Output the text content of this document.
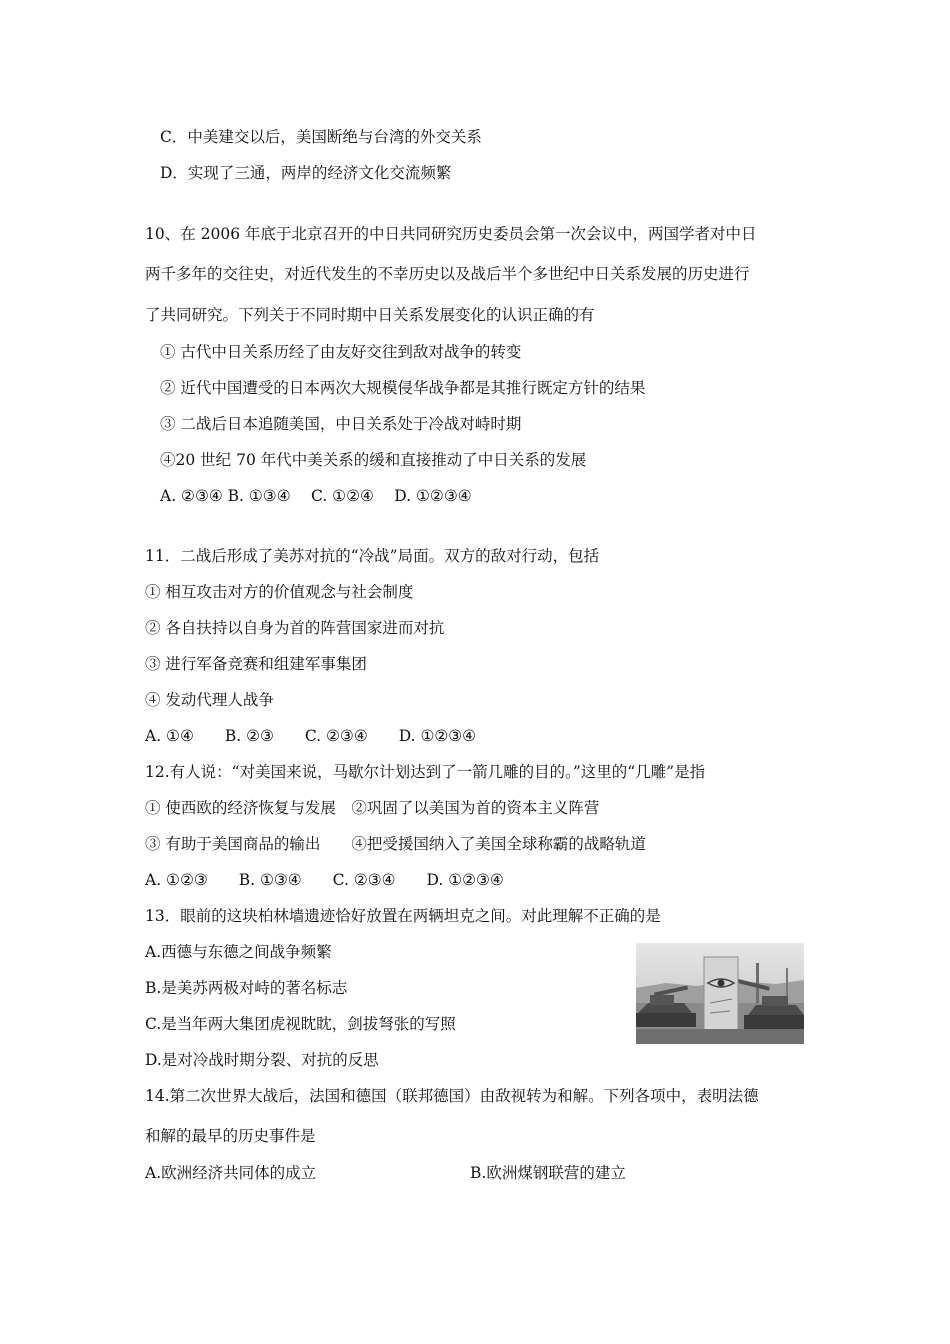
C．中美建交以后，美国断绝与台湾的外交关系
D．实现了三通，两岸的经济文化交流频繁
10、在 2006 年底于北京召开的中日共同研究历史委员会第一次会议中，两国学者对中日
两千多年的交往史，对近代发生的不幸历史以及战后半个多世纪中日关系发展的历史进行
了共同研究。下列关于不同时期中日关系发展变化的认识正确的有
① 古代中日关系历经了由友好交往到敌对战争的转变
② 近代中国遭受的日本两次大规模侵华战争都是其推行既定方针的结果
③ 二战后日本追随美国，中日关系处于冷战对峙时期
④20 世纪 70 年代中美关系的缓和直接推动了中日关系的发展
A. ②③④ B. ①③④　 C. ①②④　 D. ①②③④
11．二战后形成了美苏对抗的“冷战”局面。双方的敌对行动，包括
① 相互攻击对方的价值观念与社会制度
② 各自扶持以自身为首的阵营国家进而对抗
③ 进行军备竞赛和组建军事集团
④ 发动代理人战争
A. ①④　　B. ②③　　C. ②③④　　D. ①②③④
12.有人说：“对美国来说，马歇尔计划达到了一箭几雕的目的。”这里的“几雕”是指
① 使西欧的经济恢复与发展　②巩固了以美国为首的资本主义阵营
③ 有助于美国商品的输出　　④把受援国纳入了美国全球称霸的战略轨道
A. ①②③　　B. ①③④　　C. ②③④　　D. ①②③④
13．眼前的这块柏林墙遗迹恰好放置在两辆坦克之间。对此理解不正确的是
A.西德与东德之间战争频繁
B.是美苏两极对峙的著名标志
C.是当年两大集团虎视眈眈，剑拔弩张的写照
D.是对冷战时期分裂、对抗的反思
14.第二次世界大战后，法国和德国（联邦德国）由敌视转为和解。下列各项中，表明法德
和解的最早的历史事件是
A.欧洲经济共同体的成立	B.欧洲煤钢联营的建立
